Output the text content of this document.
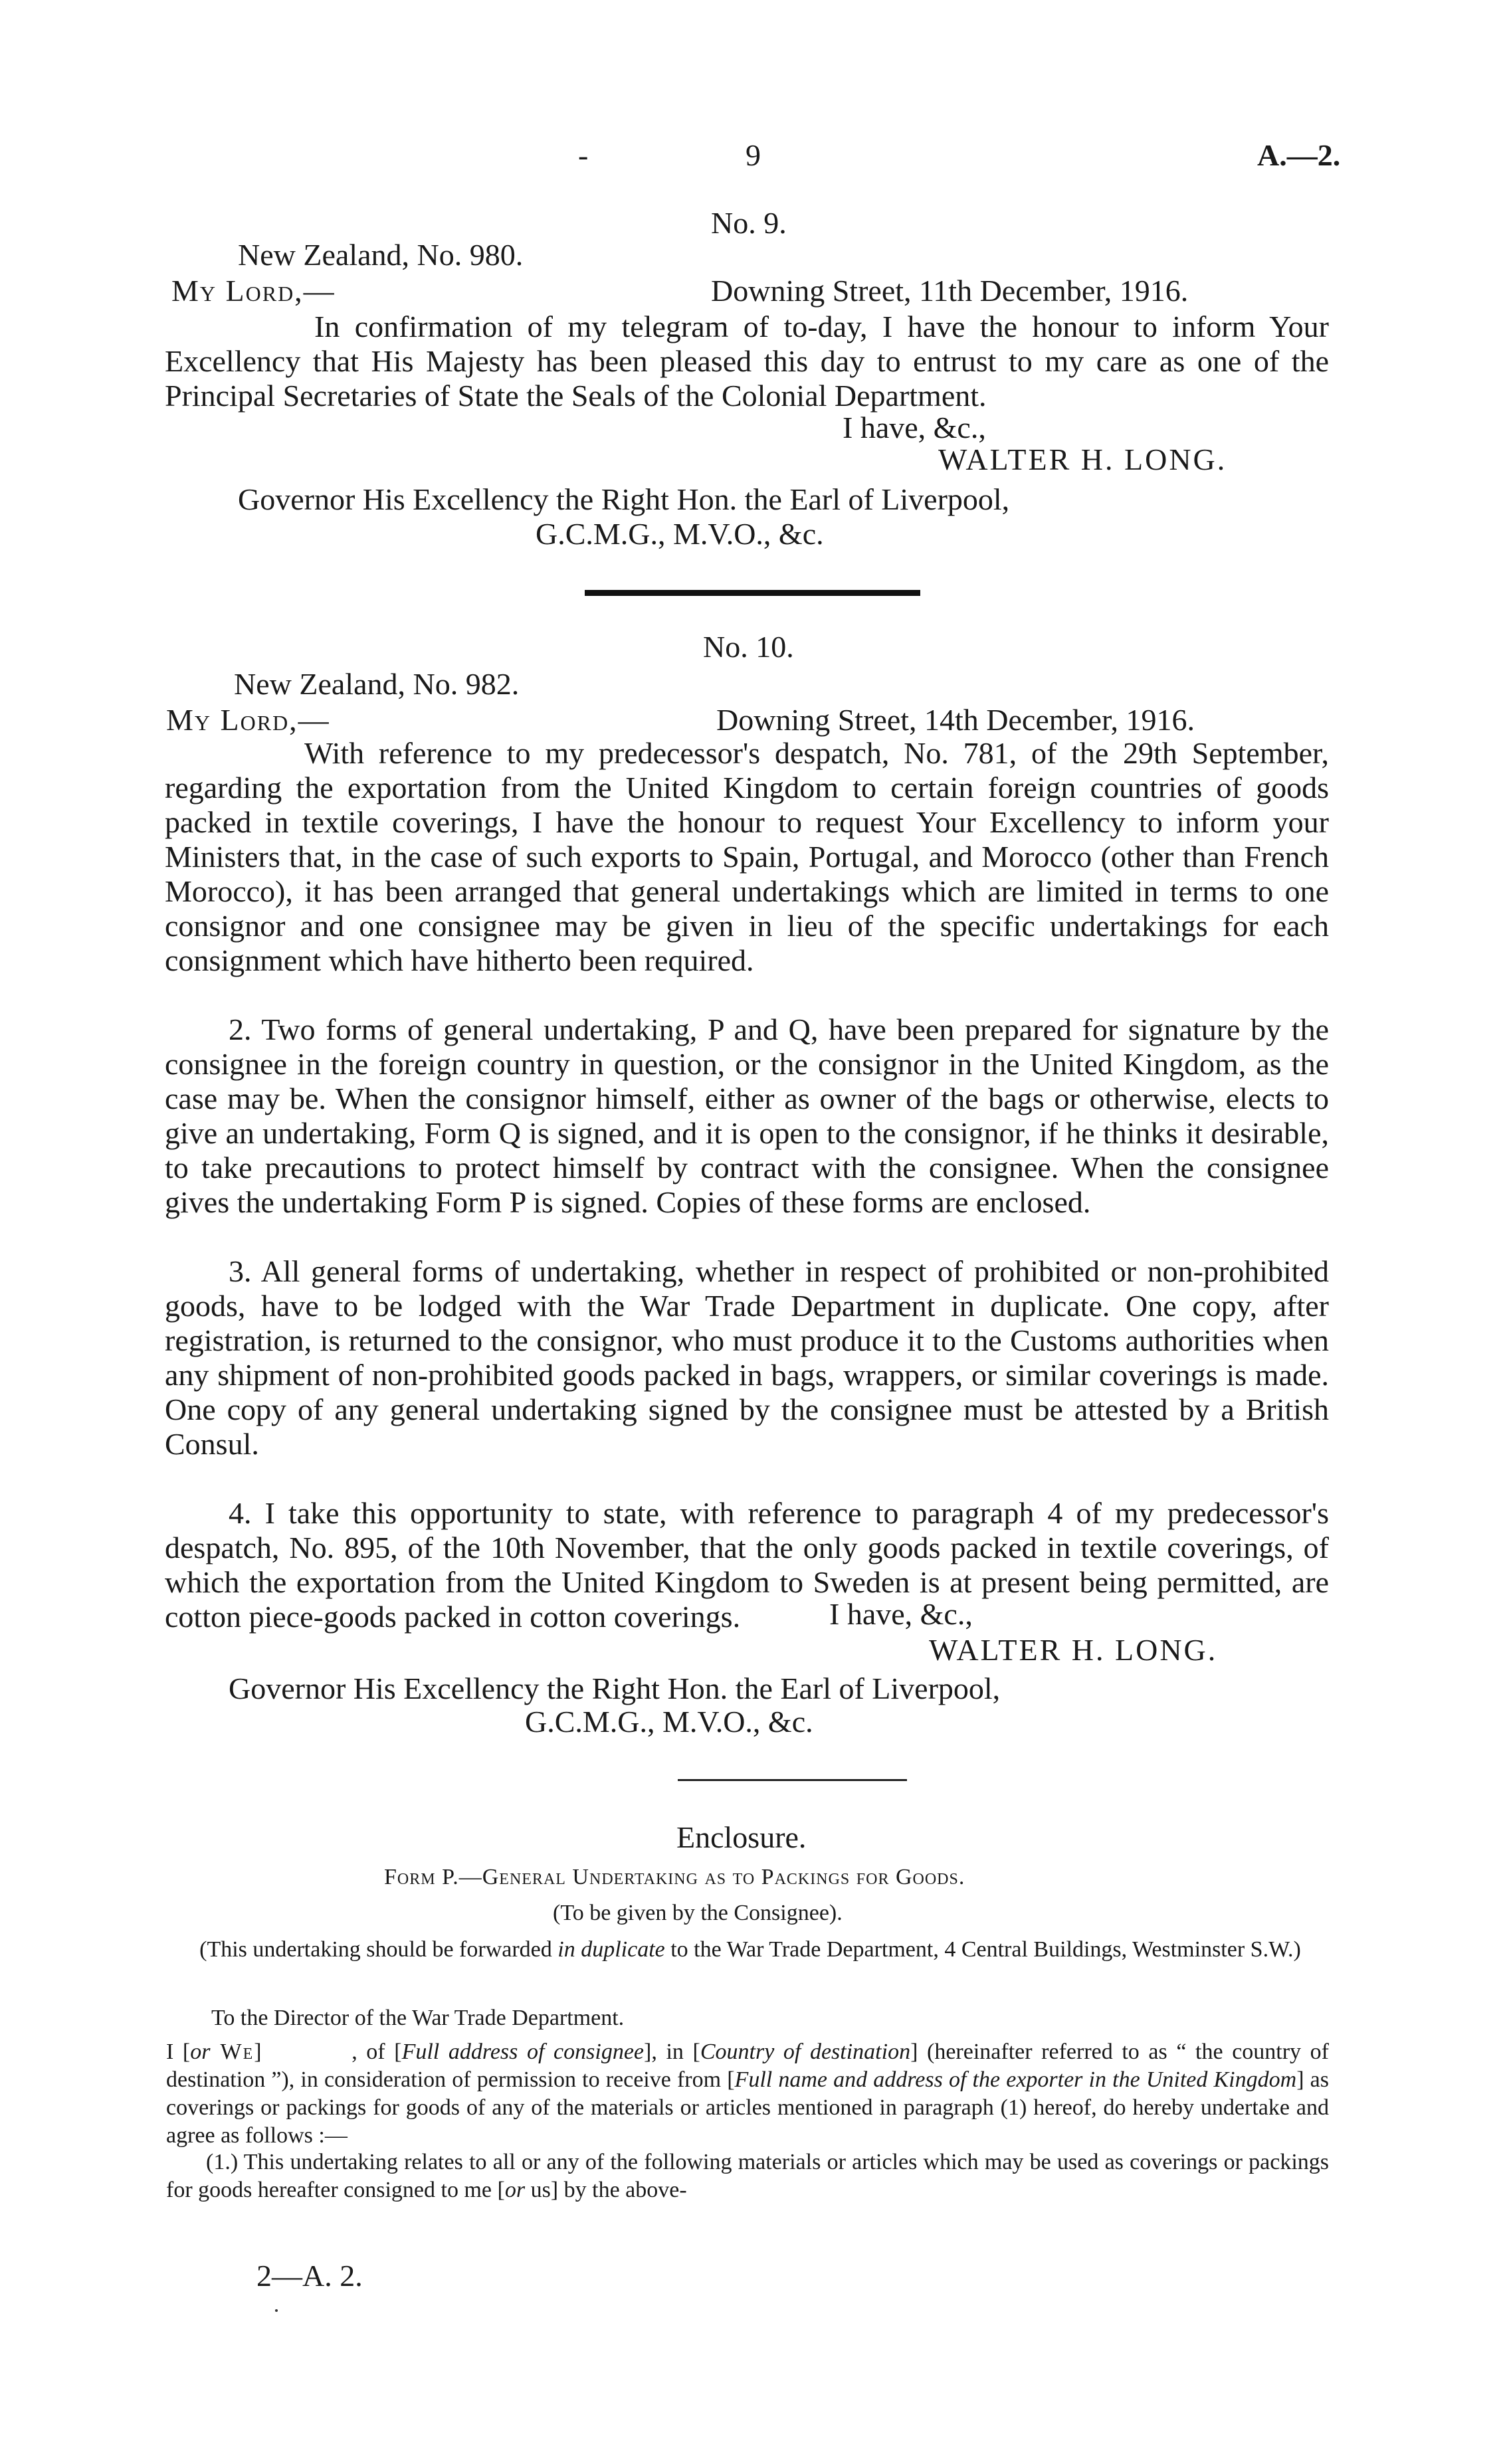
-	9	A.—2.
No. 9.
New Zealand, No. 980.
My Lord,—	Downing Street, 11th December, 1916.
In confirmation of my telegram of to-day, I have the honour to inform Your Excellency that His Majesty has been pleased this day to entrust to my care as one of the Principal Secretaries of State the Seals of the Colonial Department.
I have, &c.,
WALTER H. LONG.
Governor His Excellency the Right Hon. the Earl of Liverpool,
G.C.M.G., M.V.O., &c.
No. 10.
New Zealand, No. 982.
My Lord,—	Downing Street, 14th December, 1916.
With reference to my predecessor's despatch, No. 781, of the 29th September, regarding the exportation from the United Kingdom to certain foreign countries of goods packed in textile coverings, I have the honour to request Your Excellency to inform your Ministers that, in the case of such exports to Spain, Portugal, and Morocco (other than French Morocco), it has been arranged that general undertakings which are limited in terms to one consignor and one consignee may be given in lieu of the specific undertakings for each consignment which have hitherto been required.
2. Two forms of general undertaking, P and Q, have been prepared for signature by the consignee in the foreign country in question, or the consignor in the United Kingdom, as the case may be. When the consignor himself, either as owner of the bags or otherwise, elects to give an undertaking, Form Q is signed, and it is open to the consignor, if he thinks it desirable, to take precautions to protect himself by contract with the consignee. When the consignee gives the undertaking Form P is signed. Copies of these forms are enclosed.
3. All general forms of undertaking, whether in respect of prohibited or non-prohibited goods, have to be lodged with the War Trade Department in duplicate. One copy, after registration, is returned to the consignor, who must produce it to the Customs authorities when any shipment of non-prohibited goods packed in bags, wrappers, or similar coverings is made. One copy of any general undertaking signed by the consignee must be attested by a British Consul.
4. I take this opportunity to state, with reference to paragraph 4 of my predecessor's despatch, No. 895, of the 10th November, that the only goods packed in textile coverings, of which the exportation from the United Kingdom to Sweden is at present being permitted, are cotton piece-goods packed in cotton coverings.	I have, &c.,
WALTER H. LONG.
Governor His Excellency the Right Hon. the Earl of Liverpool,
G.C.M.G., M.V.O., &c.
Enclosure.
Form P.—General Undertaking as to Packings for Goods.
(To be given by the Consignee).
(This undertaking should be forwarded in duplicate to the War Trade Department, 4 Central Buildings, Westminster S.W.)
To the Director of the War Trade Department.
I [or We]	, of [Full address of consignee], in [Country of destination] (hereinafter referred to as “ the country of destination ”), in consideration of permission to receive from [Full name and address of the exporter in the United Kingdom] as coverings or packings for goods of any of the materials or articles mentioned in paragraph (1) hereof, do hereby undertake and agree as follows :—
(1.) This undertaking relates to all or any of the following materials or articles which may be used as coverings or packings for goods hereafter consigned to me [or us] by the above-
2—A. 2.
